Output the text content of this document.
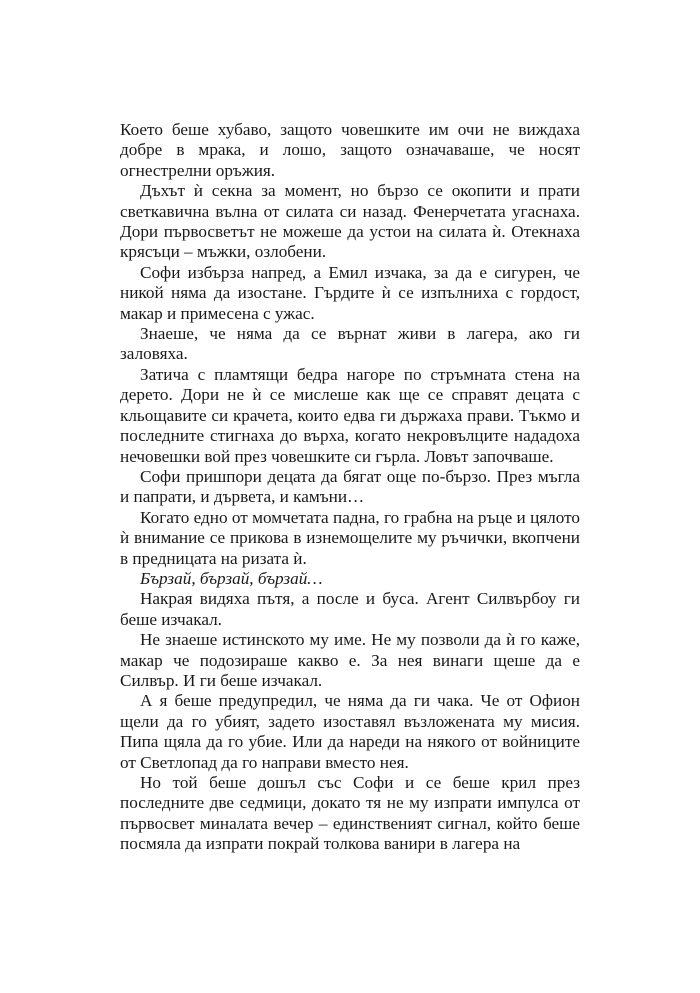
Което беше хубаво, защото човешките им очи не виждаха добре в мрака, и лошо, защото означаваше, че носят огнестрелни оръжия.

Дъхът ѝ секна за момент, но бързо се окопити и прати светкавична вълна от силата си назад. Фенерчетата угаснаха. Дори първосветът не можеше да устои на силата ѝ. Отекнаха крясъци – мъжки, озлобени.

Софи избърза напред, а Емил изчака, за да е сигурен, че никой няма да изостане. Гърдите ѝ се изпълниха с гордост, макар и примесена с ужас.

Знаеше, че няма да се върнат живи в лагера, ако ги заловяха.

Затича с пламтящи бедра нагоре по стръмната стена на дерето. Дори не ѝ се мислеше как ще се справят децата с кльощавите си крачета, които едва ги държаха прави. Тъкмо и последните стигнаха до върха, когато некровълците нададоха нечовешки вой през човешките си гърла. Ловът започваше.

Софи пришпори децата да бягат още по-бързо. През мъгла и папрати, и дървета, и камъни…

Когато едно от момчетата падна, го грабна на ръце и цялото ѝ внимание се прикова в изнемощелите му ръчички, вкопчени в предницата на ризата ѝ.

Бързай, бързай, бързай…

Накрая видяха пътя, а после и буса. Агент Силвърбоу ги беше изчакал.

Не знаеше истинското му име. Не му позволи да ѝ го каже, макар че подозираше какво е. За нея винаги щеше да е Силвър. И ги беше изчакал.

А я беше предупредил, че няма да ги чака. Че от Офион щели да го убият, задето изоставял възложената му мисия. Пипа щяла да го убие. Или да нареди на някого от войниците от Светлопад да го направи вместо нея.

Но той беше дошъл със Софи и се беше крил през последните две седмици, докато тя не му изпрати импулса от първосвет миналата вечер – единственият сигнал, който беше посмяла да изпрати покрай толкова ванири в лагера на
